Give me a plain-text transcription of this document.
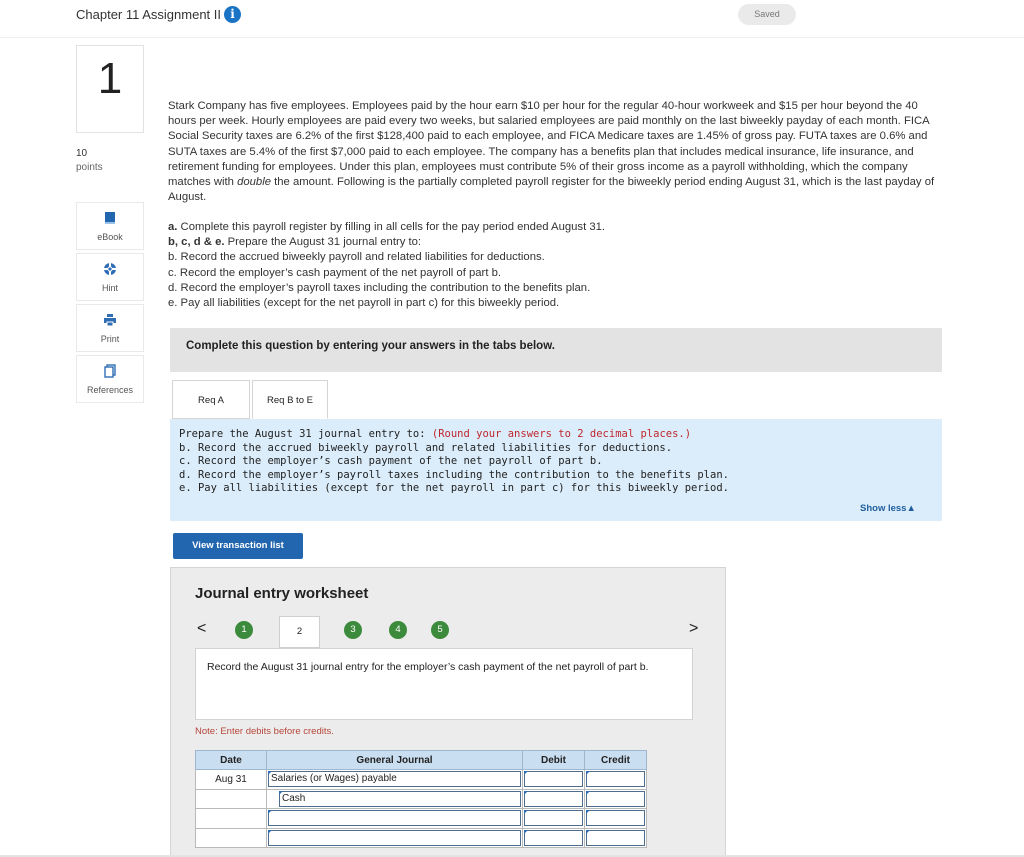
Chapter 11 Assignment II i	Saved
1
10
points
eBook
Hint
Print
References
Stark Company has five employees. Employees paid by the hour earn $10 per hour for the regular 40-hour workweek and $15 per hour beyond the 40 hours per week. Hourly employees are paid every two weeks, but salaried employees are paid monthly on the last biweekly payday of each month. FICA Social Security taxes are 6.2% of the first $128,400 paid to each employee, and FICA Medicare taxes are 1.45% of gross pay. FUTA taxes are 0.6% and SUTA taxes are 5.4% of the first $7,000 paid to each employee. The company has a benefits plan that includes medical insurance, life insurance, and retirement funding for employees. Under this plan, employees must contribute 5% of their gross income as a payroll withholding, which the company matches with double the amount. Following is the partially completed payroll register for the biweekly period ending August 31, which is the last payday of August.
a. Complete this payroll register by filling in all cells for the pay period ended August 31.
b, c, d & e. Prepare the August 31 journal entry to:
b. Record the accrued biweekly payroll and related liabilities for deductions.
c. Record the employer’s cash payment of the net payroll of part b.
d. Record the employer’s payroll taxes including the contribution to the benefits plan.
e. Pay all liabilities (except for the net payroll in part c) for this biweekly period.
Complete this question by entering your answers in the tabs below.
Req A	Req B to E
Prepare the August 31 journal entry to: (Round your answers to 2 decimal places.)
b. Record the accrued biweekly payroll and related liabilities for deductions.
c. Record the employer’s cash payment of the net payroll of part b.
d. Record the employer’s payroll taxes including the contribution to the benefits plan.
e. Pay all liabilities (except for the net payroll in part c) for this biweekly period.
Show less▲
View transaction list
Journal entry worksheet
<	>
1	2	3	4	5
Record the August 31 journal entry for the employer’s cash payment of the net payroll of part b.
Note: Enter debits before credits.
Date	General Journal	Debit	Credit
Aug 31	Salaries (or Wages) payable		

	Cash		
